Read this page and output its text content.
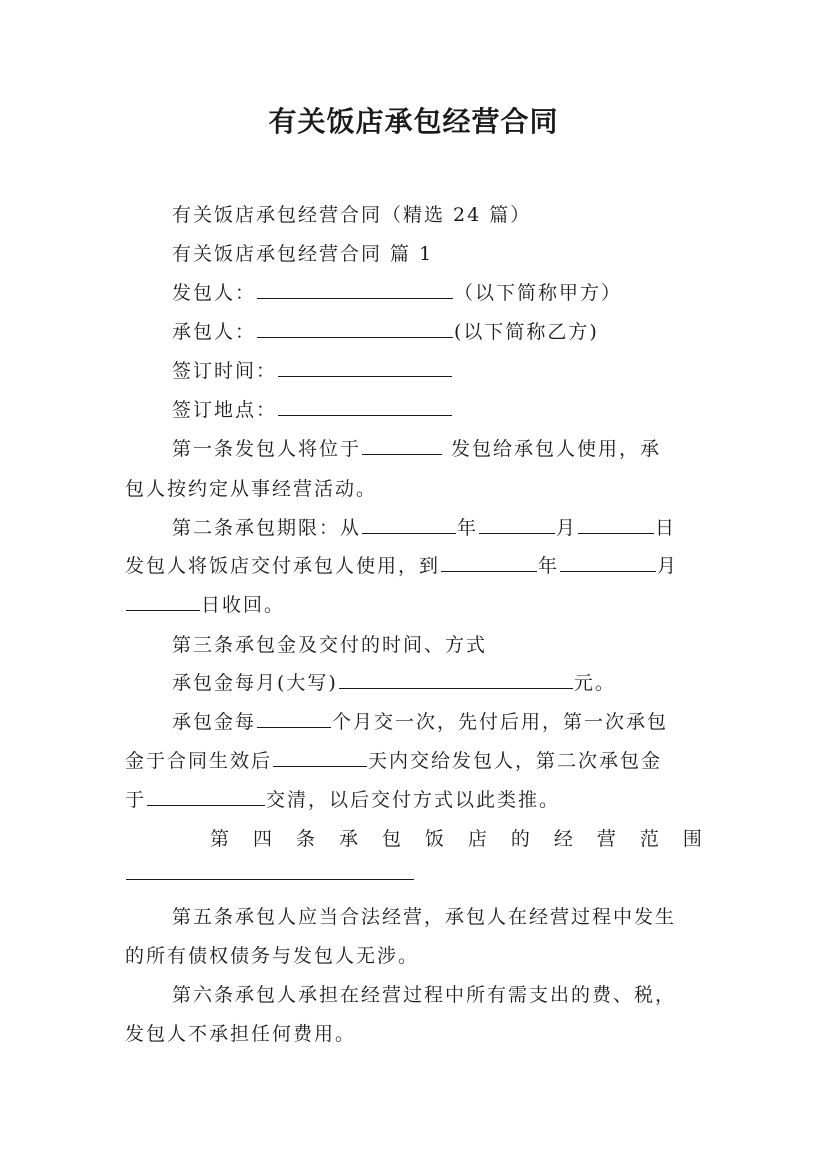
有关饭店承包经营合同
有关饭店承包经营合同（精选 24 篇）
有关饭店承包经营合同 篇 1
发包人：	（以下简称甲方）
承包人：	(以下简称乙方)
签订时间：
签订地点：
第一条发包人将位于	发包给承包人使用，承
包人按约定从事经营活动。
第二条承包期限：从	年	月	日
发包人将饭店交付承包人使用，到	年	月
日收回。
第三条承包金及交付的时间、方式
承包金每月(大写)	元。
承包金每	个月交一次，先付后用，第一次承包
金于合同生效后	天内交给发包人，第二次承包金
于	交清，以后交付方式以此类推。
第 四 条 承 包 饭 店 的 经 营 范 围
第五条承包人应当合法经营，承包人在经营过程中发生
的所有债权债务与发包人无涉。
第六条承包人承担在经营过程中所有需支出的费、税，
发包人不承担任何费用。
